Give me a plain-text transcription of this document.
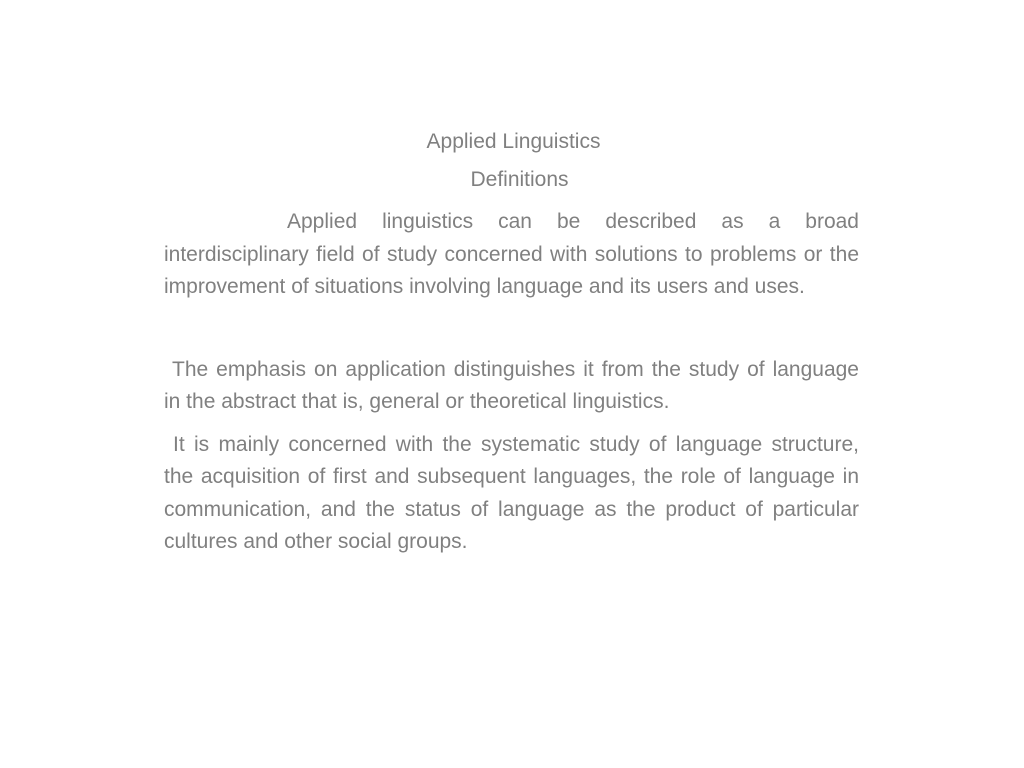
Applied Linguistics

Definitions

Applied linguistics can be described as a broad interdisciplinary field of study concerned with solutions to problems or the improvement of situations involving language and its users and uses.

The emphasis on application distinguishes it from the study of language in the abstract that is, general or theoretical linguistics.

It is mainly concerned with the systematic study of language structure, the acquisition of first and subsequent languages, the role of language in communication, and the status of language as the product of particular cultures and other social groups.
